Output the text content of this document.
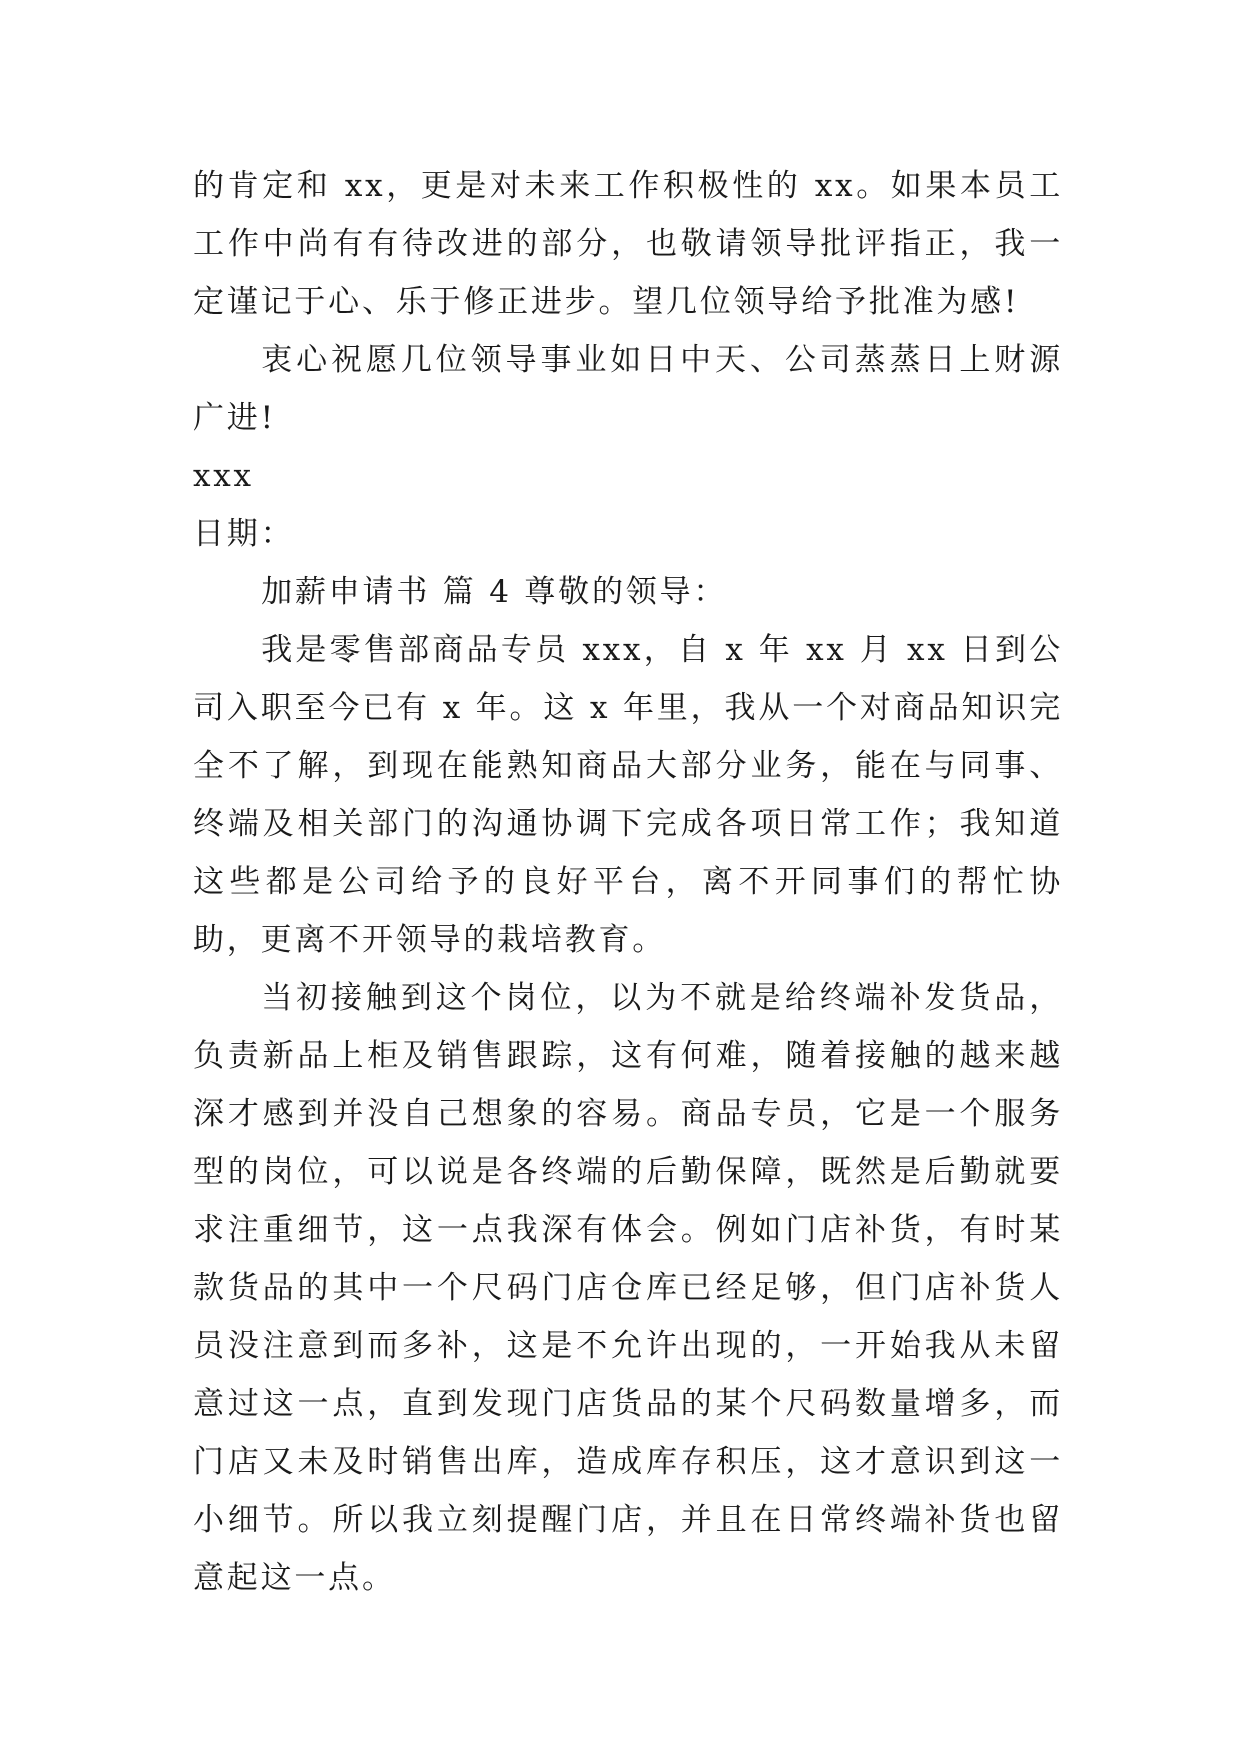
的肯定和 xx，更是对未来工作积极性的 xx。如果本员工工作中尚有有待改进的部分，也敬请领导批评指正，我一定谨记于心、乐于修正进步。望几位领导给予批准为感!

衷心祝愿几位领导事业如日中天、公司蒸蒸日上财源广进!

xxx

日期：

加薪申请书 篇 4 尊敬的领导：

我是零售部商品专员 xxx，自 x 年 xx 月 xx 日到公司入职至今已有 x 年。这 x 年里，我从一个对商品知识完全不了解，到现在能熟知商品大部分业务，能在与同事、终端及相关部门的沟通协调下完成各项日常工作；我知道这些都是公司给予的良好平台，离不开同事们的帮忙协助，更离不开领导的栽培教育。

当初接触到这个岗位，以为不就是给终端补发货品，负责新品上柜及销售跟踪，这有何难，随着接触的越来越深才感到并没自己想象的容易。商品专员，它是一个服务型的岗位，可以说是各终端的后勤保障，既然是后勤就要求注重细节，这一点我深有体会。例如门店补货，有时某款货品的其中一个尺码门店仓库已经足够，但门店补货人员没注意到而多补，这是不允许出现的，一开始我从未留意过这一点，直到发现门店货品的某个尺码数量增多，而门店又未及时销售出库，造成库存积压，这才意识到这一小细节。所以我立刻提醒门店，并且在日常终端补货也留意起这一点。
